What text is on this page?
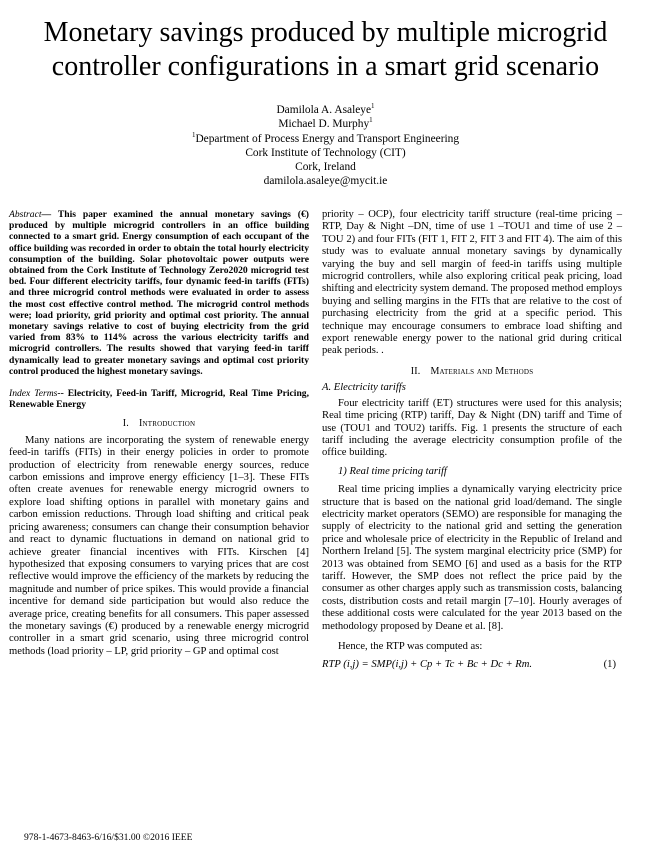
Monetary savings produced by multiple microgrid
controller configurations in a smart grid scenario
Damilola A. Asaleye$^1$
Michael D. Murphy$^1$
$^1$Department of Process Energy and Transport Engineering
Cork Institute of Technology (CIT)
Cork, Ireland
damilola.asaleye@mycit.ie

Abstract— This paper examined the annual monetary savings (€) produced by multiple microgrid controllers in an office building connected to a smart grid. Energy consumption of each occupant of the office building was recorded in order to obtain the total hourly electricity consumption of the building. Solar photovoltaic power outputs were obtained from the Cork Institute of Technology Zero2020 microgrid test bed. Four different electricity tariffs, four dynamic feed-in tariffs (FITs) and three microgrid control methods were evaluated in order to assess the most cost effective control method. The microgrid control methods were; load priority, grid priority and optimal cost priority. The annual monetary savings relative to cost of buying electricity from the grid varied from 83% to 114% across the various electricity tariffs and microgrid controllers. The results showed that varying feed-in tariff dynamically lead to greater monetary savings and optimal cost priority control produced the highest monetary savings.

Index Terms-- Electricity, Feed-in Tariff, Microgrid, Real Time Pricing, Renewable Energy

I. Introduction

Many nations are incorporating the system of renewable energy feed-in tariffs (FITs) in their energy policies in order to promote production of electricity from renewable energy sources, reduce carbon emissions and improve energy efficiency [1–3]. These FITs often create avenues for renewable energy microgrid owners to explore load shifting options in parallel with monetary gains and carbon emission reductions. Through load shifting and critical peak pricing awareness; consumers can change their consumption behavior and react to dynamic fluctuations in demand on national grid to achieve greater financial incentives with FITs. Kirschen [4] hypothesized that exposing consumers to varying prices that are cost reflective would improve the efficiency of the markets by reducing the magnitude and number of price spikes. This would provide a financial incentive for demand side participation but would also reduce the average price, creating benefits for all consumers. This paper assessed the monetary savings (€) produced by a renewable energy microgrid controller in a smart grid scenario, using three microgrid control methods (load priority – LP, grid priority – GP and optimal cost

priority – OCP), four electricity tariff structure (real-time pricing – RTP, Day & Night –DN, time of use 1 –TOU1 and time of use 2 –TOU 2) and four FITs (FIT 1, FIT 2, FIT 3 and FIT 4). The aim of this study was to evaluate annual monetary savings by dynamically varying the buy and sell margin of feed-in tariffs using multiple microgrid controllers, while also exploring critical peak pricing, load shifting and electricity system demand. The proposed method employs buying and selling margins in the FITs that are relative to the cost of purchasing electricity from the grid at a specific period. This technique may encourage consumers to embrace load shifting and export renewable energy power to the national grid during critical peak periods. .

II. Materials and Methods
A. Electricity tariffs

Four electricity tariff (ET) structures were used for this analysis; Real time pricing (RTP) tariff, Day & Night (DN) tariff and Time of use (TOU1 and TOU2) tariffs. Fig. 1 presents the structure of each tariff including the average electricity consumption profile of the office building.

1) Real time pricing tariff

Real time pricing implies a dynamically varying electricity price structure that is based on the national grid load/demand. The single electricity market operators (SEMO) are responsible for managing the supply of electricity to the national grid and setting the generation price and wholesale price of electricity in the Republic of Ireland and Northern Ireland [5]. The system marginal electricity price (SMP) for 2013 was obtained from SEMO [6] and used as a basis for the RTP tariff. However, the SMP does not reflect the price paid by the consumer as other charges apply such as transmission costs, balancing costs, distribution costs and retail margin [7–10]. Hourly averages of these additional costs were calculated for the year 2013 based on the methodology proposed by Deane et al. [8].

Hence, the RTP was computed as:

RTP (i,j) = SMP(i,j) + Cp + Tc + Bc + Dc + Rm.	(1)
978-1-4673-8463-6/16/$31.00 ©2016 IEEE
